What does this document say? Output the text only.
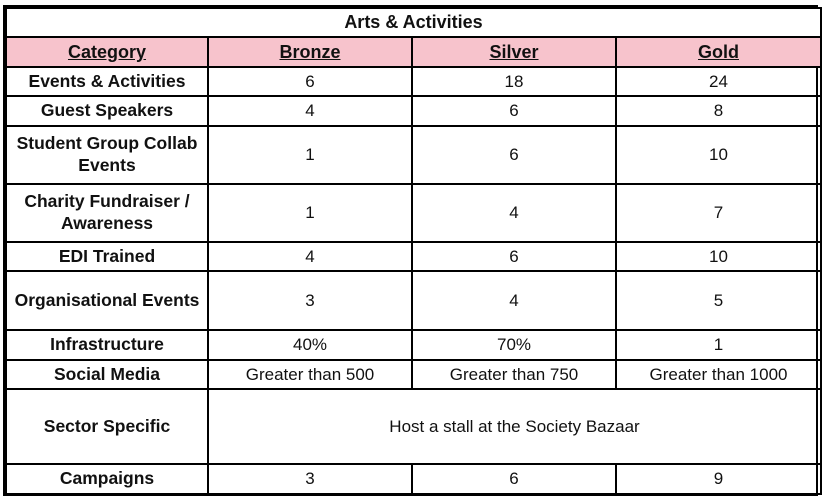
Arts & Activities			
Category	Bronze	Silver	Gold
Events & Activities	6	18	24
Guest Speakers	4	6	8
Student Group Collab Events	1	6	10
Charity Fundraiser / Awareness	1	4	7
EDI Trained	4	6	10
Organisational Events	3	4	5
Infrastructure	40%	70%	1
Social Media	Greater than 500	Greater than 750	Greater than 1000
Sector Specific	Host a stall at the Society Bazaar		
Campaigns	3	6	9
